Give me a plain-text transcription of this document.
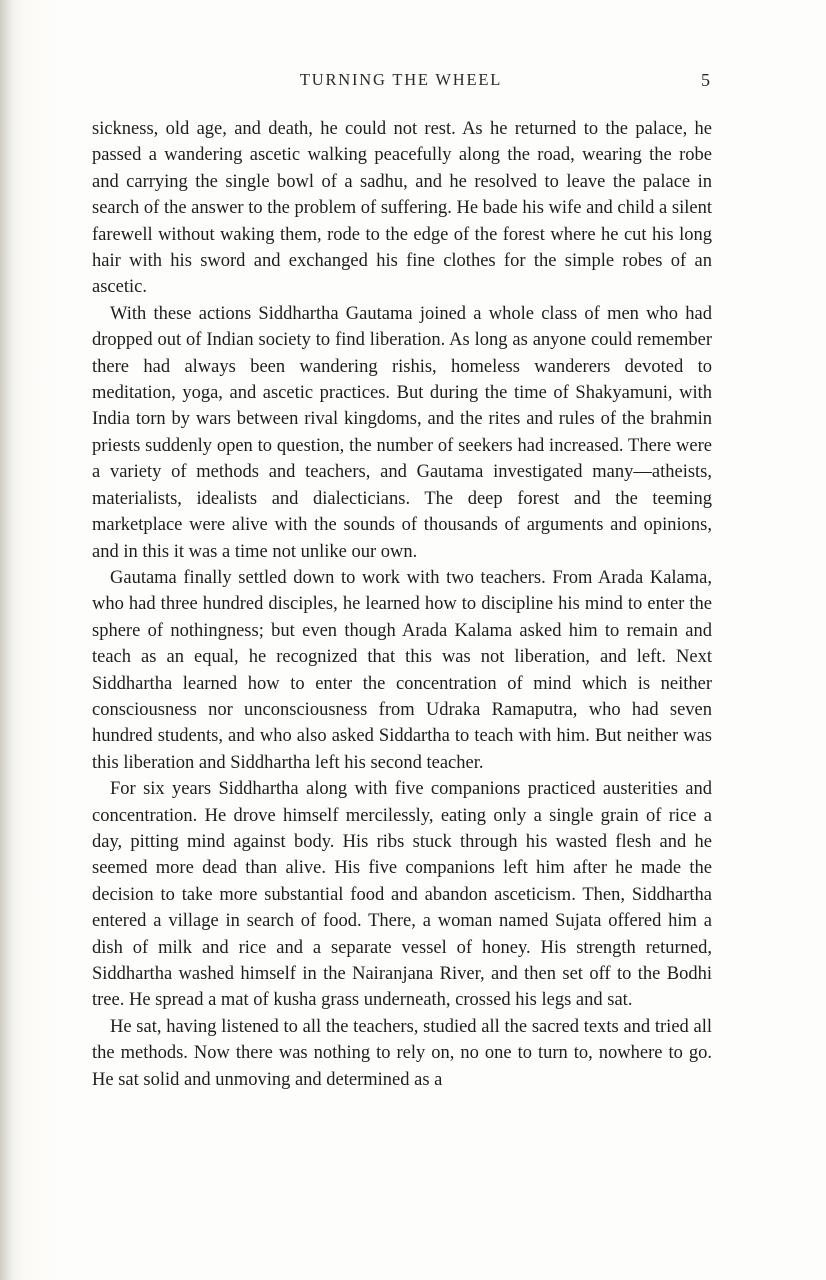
TURNING THE WHEEL	5

sickness, old age, and death, he could not rest. As he returned to the palace, he passed a wandering ascetic walking peacefully along the road, wearing the robe and carrying the single bowl of a sadhu, and he resolved to leave the palace in search of the answer to the problem of suffering. He bade his wife and child a silent farewell without waking them, rode to the edge of the forest where he cut his long hair with his sword and exchanged his fine clothes for the simple robes of an ascetic.

With these actions Siddhartha Gautama joined a whole class of men who had dropped out of Indian society to find liberation. As long as anyone could remember there had always been wandering rishis, homeless wanderers devoted to meditation, yoga, and ascetic practices. But during the time of Shakyamuni, with India torn by wars between rival kingdoms, and the rites and rules of the brahmin priests suddenly open to question, the number of seekers had increased. There were a variety of methods and teachers, and Gautama investigated many—atheists, materialists, idealists and dialecticians. The deep forest and the teeming marketplace were alive with the sounds of thousands of arguments and opinions, and in this it was a time not unlike our own.

Gautama finally settled down to work with two teachers. From Arada Kalama, who had three hundred disciples, he learned how to discipline his mind to enter the sphere of nothingness; but even though Arada Kalama asked him to remain and teach as an equal, he recognized that this was not liberation, and left. Next Siddhartha learned how to enter the concentration of mind which is neither consciousness nor unconsciousness from Udraka Ramaputra, who had seven hundred students, and who also asked Siddartha to teach with him. But neither was this liberation and Siddhartha left his second teacher.

For six years Siddhartha along with five companions practiced austerities and concentration. He drove himself mercilessly, eating only a single grain of rice a day, pitting mind against body. His ribs stuck through his wasted flesh and he seemed more dead than alive. His five companions left him after he made the decision to take more substantial food and abandon asceticism. Then, Siddhartha entered a village in search of food. There, a woman named Sujata offered him a dish of milk and rice and a separate vessel of honey. His strength returned, Siddhartha washed himself in the Nairanjana River, and then set off to the Bodhi tree. He spread a mat of kusha grass underneath, crossed his legs and sat.

He sat, having listened to all the teachers, studied all the sacred texts and tried all the methods. Now there was nothing to rely on, no one to turn to, nowhere to go. He sat solid and unmoving and determined as a
